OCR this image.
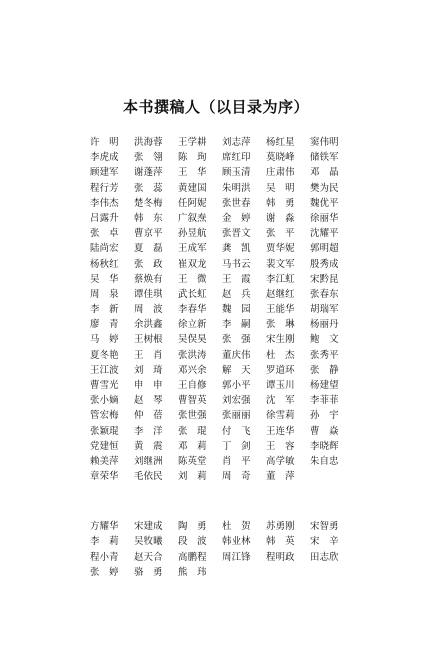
本书撰稿人（以目录为序）
许　明	洪海蓉	王学耕	刘志萍	杨红星	窦伟明
李虎成	张　翎	陈　珣	席红印	莫晓峰	储铁军
顾建军	谢蓬萍	王　华	顾玉清	庄肃伟	邓　晶
程行芳	张　蕊	黄建国	朱明洪	吴　明	樊为民
李伟杰	楚冬梅	任阿妮	张世春	韩　勇	魏优平
吕露升	韩　东	广叙焘	金　婷	谢　淼	徐丽华
张　卓	曹京平	孙昱航	张晋文	张　平	沈耀平
陆尚宏	夏　磊	王成军	龚　凯	贾华妮	郭明超
杨秋红	张　政	崔双龙	马书云	裴文军	殷秀成
吴　华	蔡焕有	王　微	王　霞	李江虹	宋黔昆
周　泉	谭佳琪	武长虹	赵　兵	赵继红	张春东
李　新	周　波	李春华	魏　园	王能华	胡瑞军
廖　青	余洪鑫	徐立新	李　嗣	张　琳	杨丽丹
马　婷	王树根	吴俣昊	张　强	宋生刚	鲍　文
夏冬艳	王　肖	张洪涛	董庆伟	杜　杰	张秀平
王江波	刘　琦	邓兴余	解　天	罗道环	张　静
曹雪光	申　申	王自修	郭小平	谭玉川	杨建望
张小嫡	赵　琴	曹智英	刘宏强	沈　军	李菲菲
管宏梅	仲　蓓	张世强	张丽丽	徐雪莉	孙　宇
张颖琨	李　洋	张　琨	付　飞	王连华	曹　焱
党建恒	黄　震	邓　莉	丁　剑	王　容	李晓辉
赖美萍	刘继洲	陈英堂	肖　平	高学敏	朱自忠
章荣华	毛依民	刘　莉	周　奇	董　萍
方耀华	宋建成	陶　勇	杜　贺	苏勇刚	宋智勇
李　莉	吴牧曦	段　波	韩业林	韩　英	宋　辛
程小青	赵天合	高鹏程	周江锋	程明政	田志欣
张　婷	骆　勇	熊　玮
